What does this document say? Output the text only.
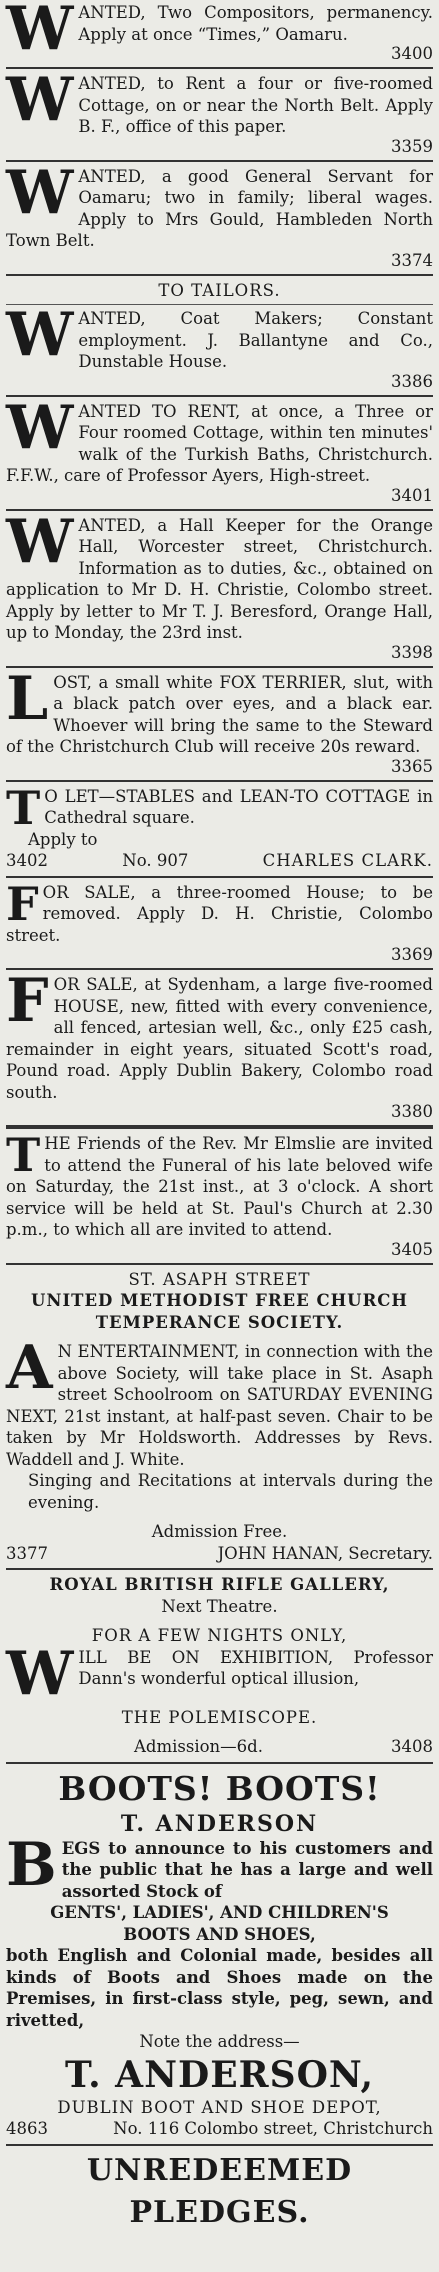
W ANTED, Two Compositors, permanency. Apply at once “Times,” Oamaru.

3400
W ANTED, to Rent a four or five-roomed Cottage, on or near the North Belt. Apply B. F., office of this paper.

3359
W ANTED, a good General Servant for Oamaru; two in family; liberal wages. Apply to Mrs Gould, Hambleden North Town Belt.

3374

TO TAILORS.

W ANTED, Coat Makers; Constant employment. J. Ballantyne and Co., Dunstable House.

3386
W ANTED TO RENT, at once, a Three or Four roomed Cottage, within ten minutes' walk of the Turkish Baths, Christchurch. F.F.W., care of Professor Ayers, High-street.

3401
W ANTED, a Hall Keeper for the Orange Hall, Worcester street, Christchurch. Information as to duties, &c., obtained on application to Mr D. H. Christie, Colombo street. Apply by letter to Mr T. J. Beresford, Orange Hall, up to Monday, the 23rd inst.

3398
L OST, a small white FOX TERRIER, slut, with a black patch over eyes, and a black ear. Whoever will bring the same to the Steward of the Christchurch Club will receive 20s reward.

3365
T O LET—STABLES and LEAN-TO COTTAGE in Cathedral square.

Apply to

3402	No. 907	CHARLES CLARK.
F OR SALE, a three-roomed House; to be removed. Apply D. H. Christie, Colombo street.

3369
F OR SALE, at Sydenham, a large five-roomed HOUSE, new, fitted with every convenience, all fenced, artesian well, &c., only £25 cash, remainder in eight years, situated Scott's road, Pound road. Apply Dublin Bakery, Colombo road south.

3380
T HE Friends of the Rev. Mr Elmslie are invited to attend the Funeral of his late beloved wife on Saturday, the 21st inst., at 3 o'clock. A short service will be held at St. Paul's Church at 2.30 p.m., to which all are invited to attend.

3405

ST. ASAPH STREET

UNITED METHODIST FREE CHURCH

TEMPERANCE SOCIETY.

A N ENTERTAINMENT, in connection with the above Society, will take place in St. Asaph street Schoolroom on SATURDAY EVENING NEXT, 21st instant, at half-past seven. Chair to be taken by Mr Holdsworth. Addresses by Revs. Waddell and J. White.

Singing and Recitations at intervals during the evening.

Admission Free.

3377	JOHN HANAN, Secretary.

ROYAL BRITISH RIFLE GALLERY,

Next Theatre.

FOR A FEW NIGHTS ONLY,

W ILL BE ON EXHIBITION, Professor Dann's wonderful optical illusion,

THE POLEMISCOPE.

Admission—6d.	3408

BOOTS! BOOTS!

T. ANDERSON

B EGS to announce to his customers and the public that he has a large and well assorted Stock of

GENTS', LADIES', AND CHILDREN'S

BOOTS AND SHOES,

both English and Colonial made, besides all kinds of Boots and Shoes made on the Premises, in first-class style, peg, sewn, and rivetted,

Note the address—

T. ANDERSON,

DUBLIN BOOT AND SHOE DEPOT,

4863	No. 116 Colombo street, Christchurch

UNREDEEMED PLEDGES.
